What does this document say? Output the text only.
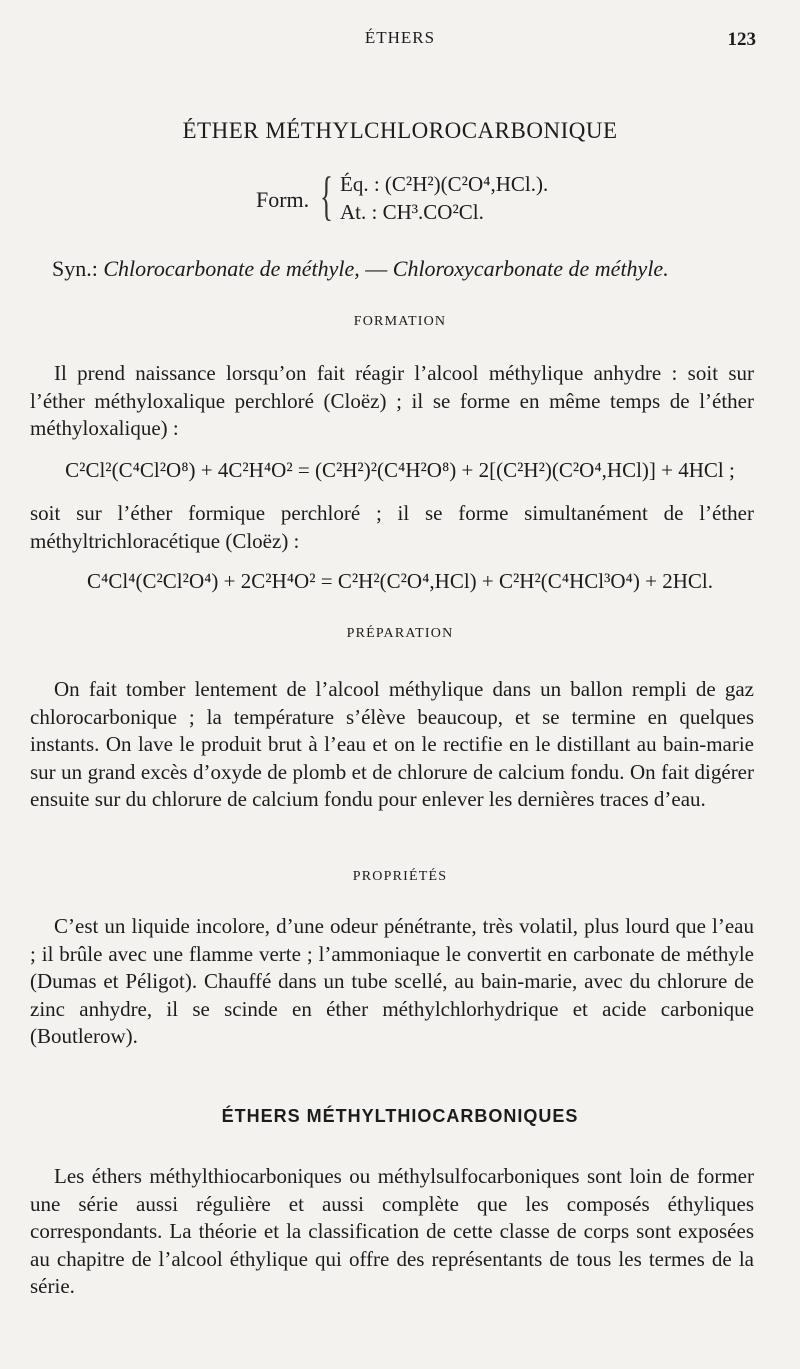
ÉTHERS	123
ÉTHER MÉTHYLCHLOROCARBONIQUE
Form. { Éq. : (C²H²)(C²O⁴,HCl.).
At. : CH³.CO²Cl.
Syn.: Chlorocarbonate de méthyle, — Chloroxycarbonate de méthyle.
FORMATION
Il prend naissance lorsqu’on fait réagir l’alcool méthylique anhydre : soit sur l’éther méthyloxalique perchloré (Cloëz) ; il se forme en même temps de l’éther méthyloxalique) :
C²Cl²(C⁴Cl²O⁸) + 4C²H⁴O² = (C²H²)²(C⁴H²O⁸) + 2[(C²H²)(C²O⁴,HCl)] + 4HCl ;
soit sur l’éther formique perchloré ; il se forme simultanément de l’éther méthyltrichloracétique (Cloëz) :
C⁴Cl⁴(C²Cl²O⁴) + 2C²H⁴O² = C²H²(C²O⁴,HCl) + C²H²(C⁴HCl³O⁴) + 2HCl.
PRÉPARATION
On fait tomber lentement de l’alcool méthylique dans un ballon rempli de gaz chlorocarbonique ; la température s’élève beaucoup, et se termine en quelques instants. On lave le produit brut à l’eau et on le rectifie en le distillant au bain-marie sur un grand excès d’oxyde de plomb et de chlorure de calcium fondu. On fait digérer ensuite sur du chlorure de calcium fondu pour enlever les dernières traces d’eau.
PROPRIÉTÉS
C’est un liquide incolore, d’une odeur pénétrante, très volatil, plus lourd que l’eau ; il brûle avec une flamme verte ; l’ammoniaque le convertit en carbonate de méthyle (Dumas et Péligot). Chauffé dans un tube scellé, au bain-marie, avec du chlorure de zinc anhydre, il se scinde en éther méthylchlorhydrique et acide carbonique (Boutlerow).
ÉTHERS MÉTHYLTHIOCARBONIQUES
Les éthers méthylthiocarboniques ou méthylsulfocarboniques sont loin de former une série aussi régulière et aussi complète que les composés éthyliques correspondants. La théorie et la classification de cette classe de corps sont exposées au chapitre de l’alcool éthylique qui offre des représentants de tous les termes de la série.
